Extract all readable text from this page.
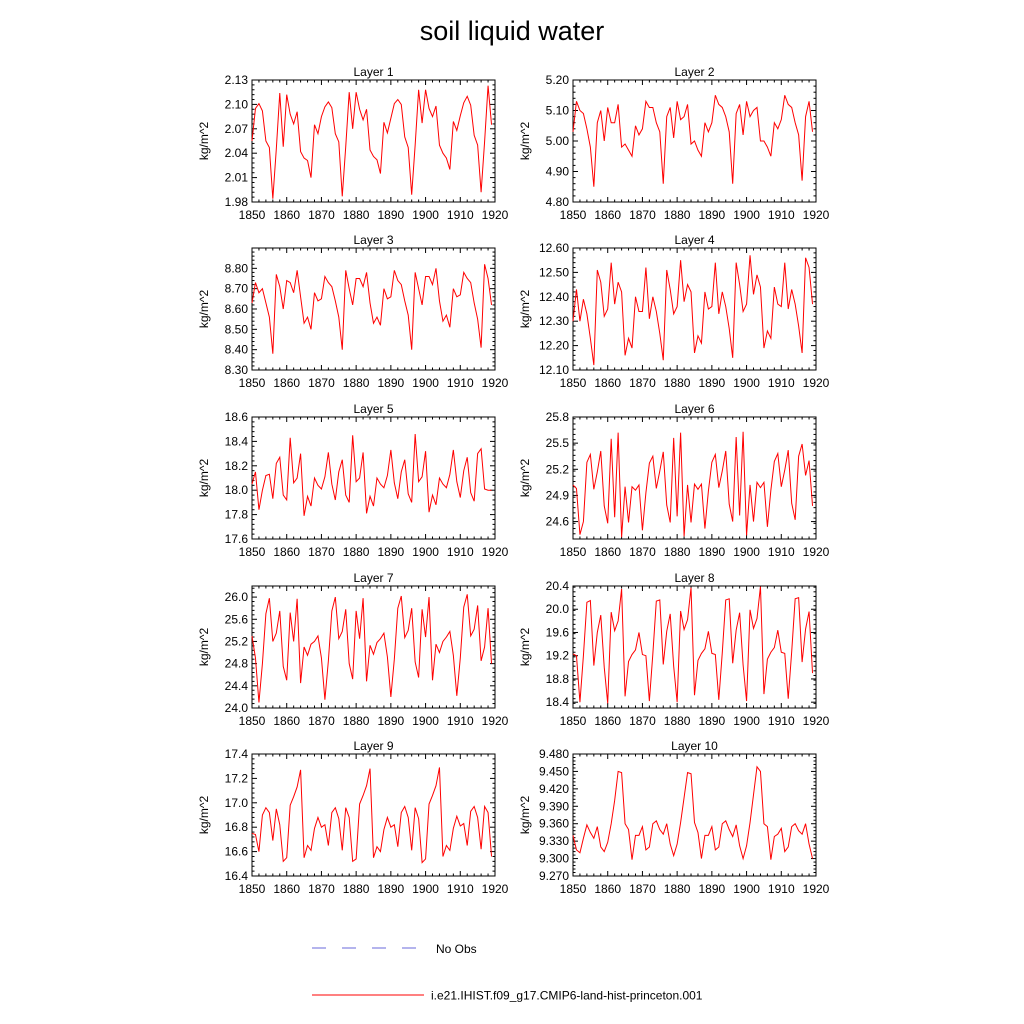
soil liquid water
Layer 1
kg/m^2
1850 1860 1870 1880 1890 1900 1910 1920
1.98
2.01
2.04
2.07
2.10
2.13
Layer 2
kg/m^2
1850 1860 1870 1880 1890 1900 1910 1920
4.80
4.90
5.00
5.10
5.20
Layer 3
kg/m^2
1850 1860 1870 1880 1890 1900 1910 1920
8.30
8.40
8.50
8.60
8.70
8.80
Layer 4
kg/m^2
1850 1860 1870 1880 1890 1900 1910 1920
12.10
12.20
12.30
12.40
12.50
12.60
Layer 5
kg/m^2
1850 1860 1870 1880 1890 1900 1910 1920
17.6
17.8
18.0
18.2
18.4
18.6
Layer 6
kg/m^2
1850 1860 1870 1880 1890 1900 1910 1920
24.6
24.9
25.2
25.5
25.8
Layer 7
kg/m^2
1850 1860 1870 1880 1890 1900 1910 1920
24.0
24.4
24.8
25.2
25.6
26.0
Layer 8
kg/m^2
1850 1860 1870 1880 1890 1900 1910 1920
18.4
18.8
19.2
19.6
20.0
20.4
Layer 9
kg/m^2
1850 1860 1870 1880 1890 1900 1910 1920
16.4
16.6
16.8
17.0
17.2
17.4
Layer 10
kg/m^2
1850 1860 1870 1880 1890 1900 1910 1920
9.270
9.300
9.330
9.360
9.390
9.420
9.450
9.480
No Obs
i.e21.IHIST.f09_g17.CMIP6-land-hist-princeton.001
